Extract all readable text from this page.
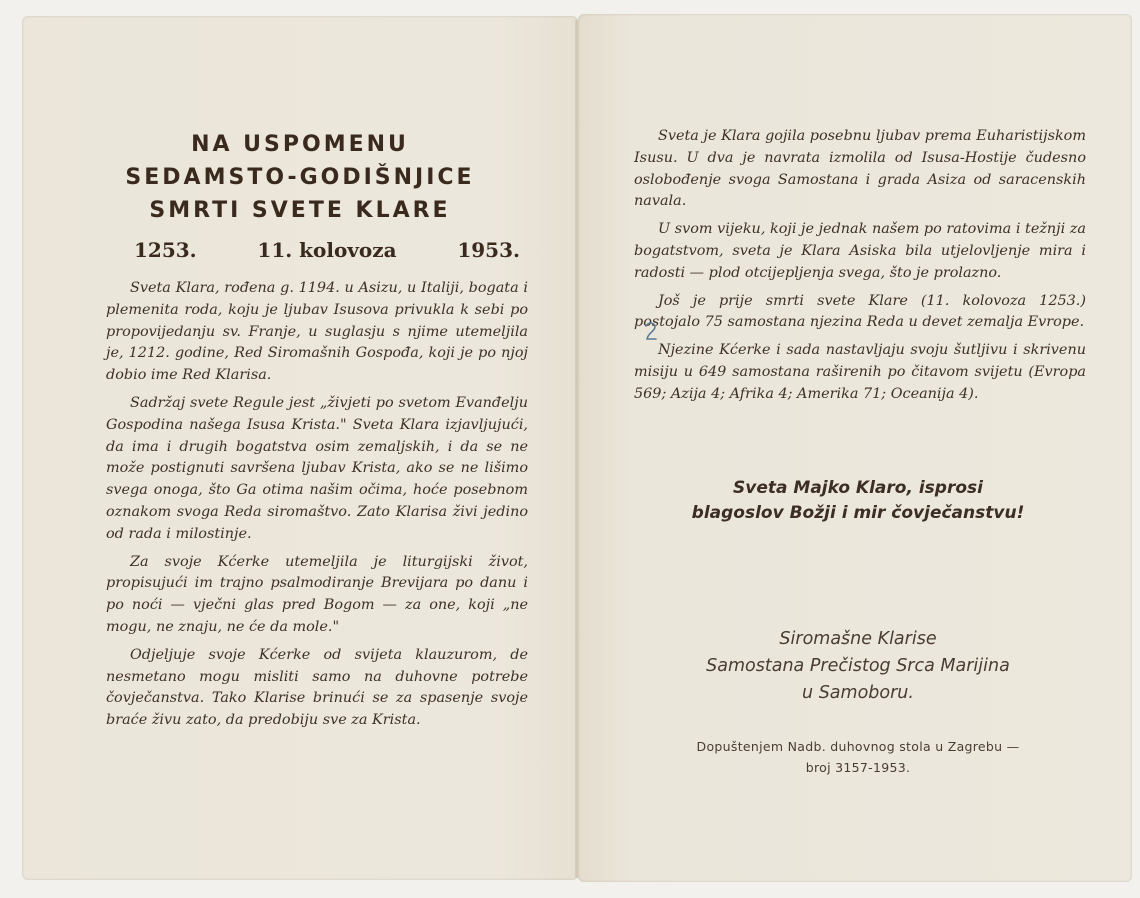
NA USPOMENU
SEDAMSTO-GODIŠNJICE
SMRTI SVETE KLARE
1253.	11. kolovoza	1953.

Sveta Klara, rođena g. 1194. u Asizu, u Italiji, bogata i plemenita roda, koju je ljubav Isusova privukla k sebi po propovijedanju sv. Franje, u suglasju s njime utemeljila je, 1212. godine, Red Siromašnih Gospođa, koji je po njoj dobio ime Red Klarisa.

Sadržaj svete Regule jest „živjeti po svetom Evanđelju Gospodina našega Isusa Krista." Sveta Klara izjavljujući, da ima i drugih bogatstva osim zemaljskih, i da se ne može postignuti savršena ljubav Krista, ako se ne lišimo svega onoga, što Ga otima našim očima, hoće posebnom oznakom svoga Reda siromaštvo. Zato Klarisa živi jedino od rada i milostinje.

Za svoje Kćerke utemeljila je liturgijski život, propisujući im trajno psalmodiranje Brevijara po danu i po noći — vječni glas pred Bogom — za one, koji „ne mogu, ne znaju, ne će da mole."

Odjeljuje svoje Kćerke od svijeta klauzurom, de nesmetano mogu misliti samo na duhovne potrebe čovječanstva. Tako Klarise brinući se za spasenje svoje braće živu zato, da predobiju sve za Krista.

Sveta je Klara gojila posebnu ljubav prema Euharistijskom Isusu. U dva je navrata izmolila od Isusa-Hostije čudesno oslobođenje svoga Samostana i grada Asiza od saracenskih navala.

U svom vijeku, koji je jednak našem po ratovima i težnji za bogatstvom, sveta je Klara Asiska bila utjelovljenje mira i radosti — plod otcijepljenja svega, što je prolazno.

Još je prije smrti svete Klare (11. kolovoza 1253.) postojalo 75 samostana njezina Reda u devet zemalja Evrope.

Njezine Kćerke i sada nastavljaju svoju šutljivu i skrivenu misiju u 649 samostana raširenih po čitavom svijetu (Evropa 569; Azija 4; Afrika 4; Amerika 71; Oceanija 4).

Sveta Majko Klaro, isprosi
blagoslov Božji i mir čovječanstvu!
Siromašne Klarise
Samostana Prečistog Srca Marijina
u Samoboru.
Dopuštenjem Nadb. duhovnog stola u Zagrebu —
broj 3157-1953.
